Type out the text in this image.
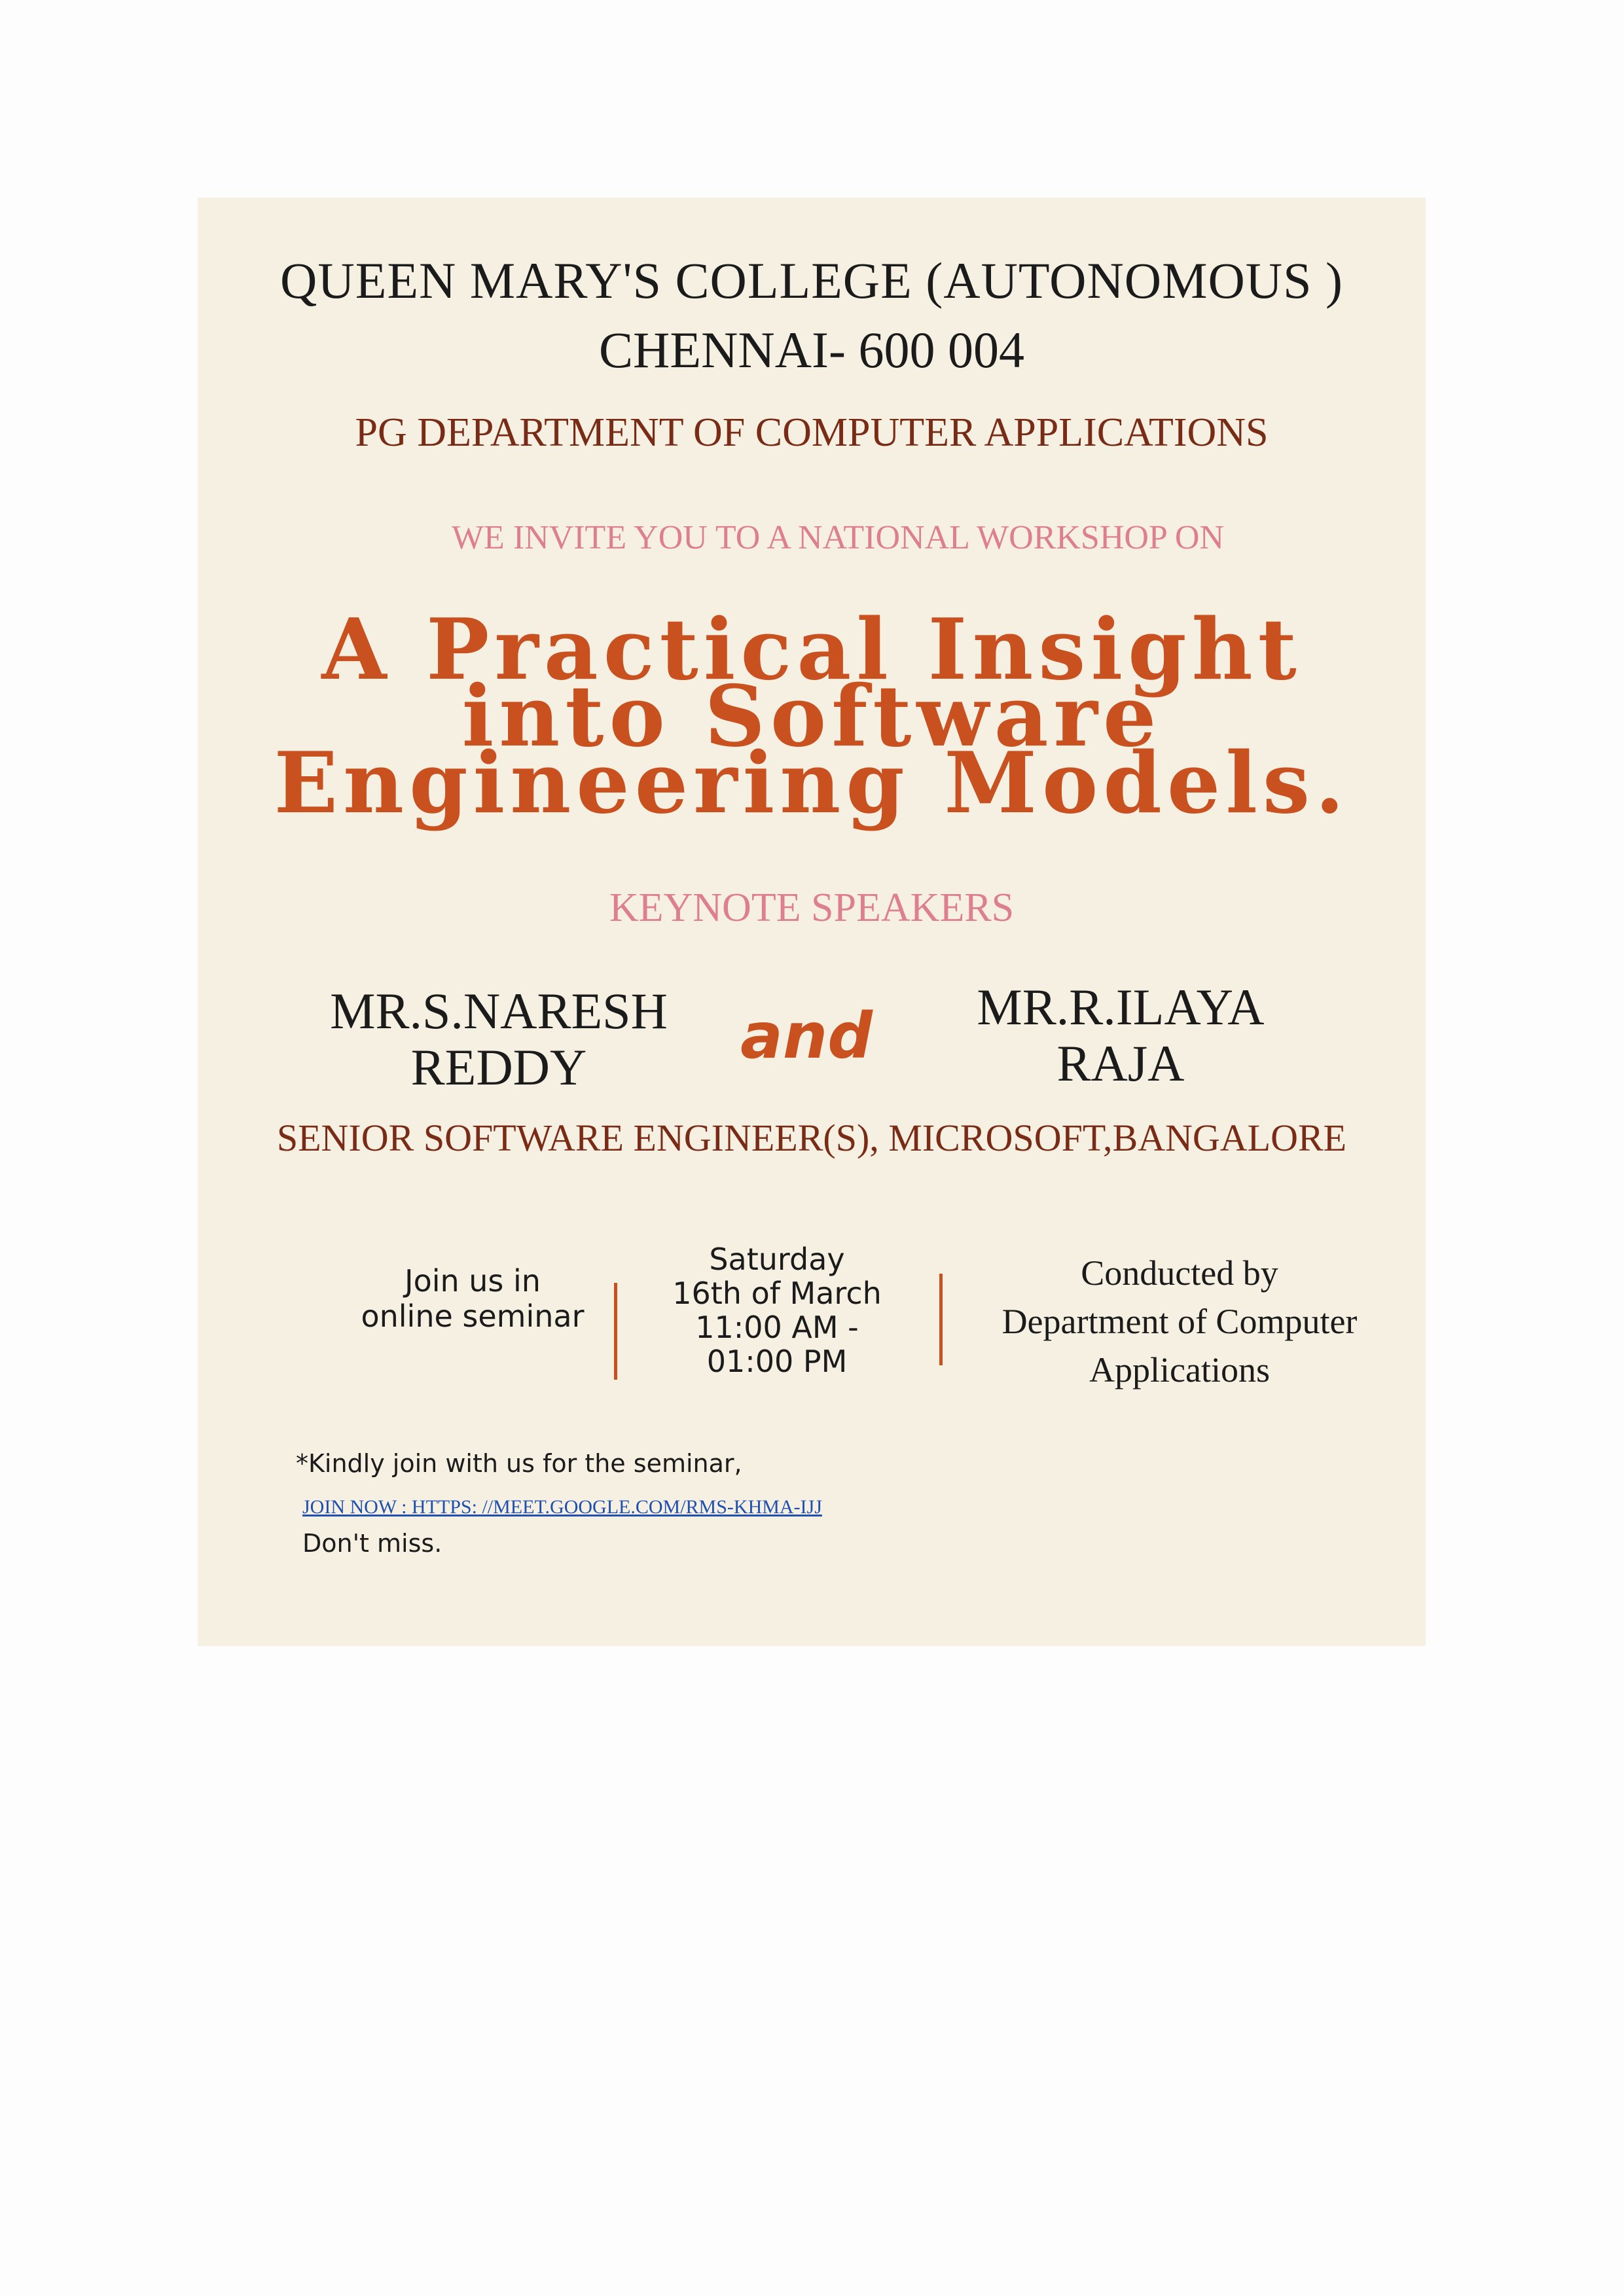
QUEEN MARY'S COLLEGE (AUTONOMOUS )

CHENNAI- 600 004

PG DEPARTMENT OF COMPUTER APPLICATIONS

WE INVITE YOU TO A NATIONAL WORKSHOP ON

A Practical Insight into Software Engineering Models.

KEYNOTE SPEAKERS

MR.S.NARESH
REDDY	and	MR.R.ILAYA
RAJA

SENIOR SOFTWARE ENGINEER(S), MICROSOFT,BANGALORE

Join us in
online seminar
Saturday
16th of March
11:00 AM -
01:00 PM
Conducted by
Department of Computer
Applications

*Kindly join with us for the seminar,

JOIN NOW : HTTPS: //MEET.GOOGLE.COM/RMS-KHMA-IJJ

Don't miss.
